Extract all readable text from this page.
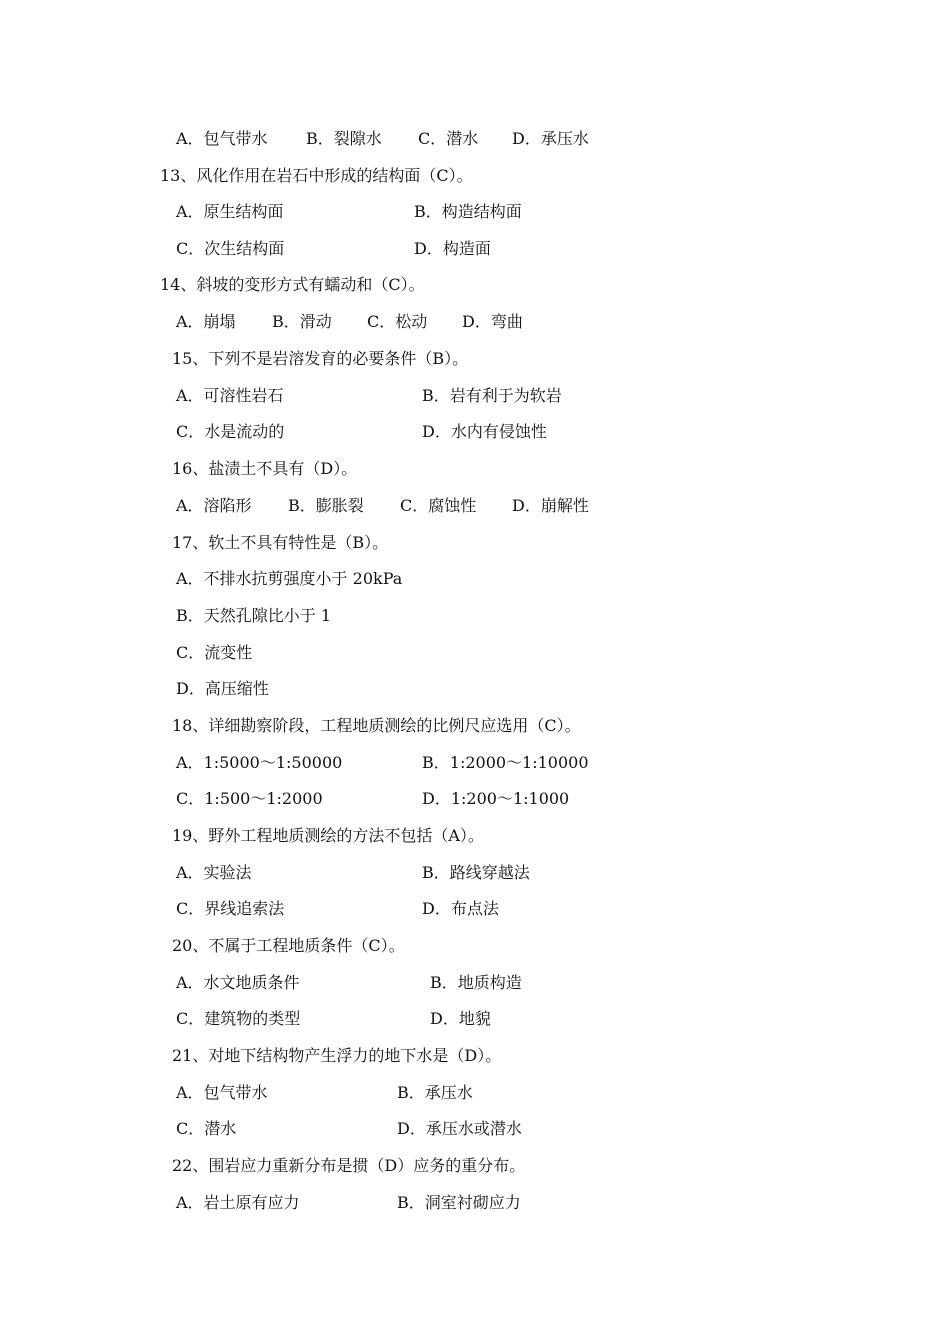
A．包气带水 B．裂隙水 C．潜水 D．承压水
13、风化作用在岩石中形成的结构面（C）。
A．原生结构面	B．构造结构面
C．次生结构面	D．构造面
14、斜坡的变形方式有蠕动和（C）。
A．崩塌 B．滑动 C．松动 D．弯曲
15、下列不是岩溶发育的必要条件（B）。
A．可溶性岩石	B．岩有利于为软岩
C．水是流动的	D．水内有侵蚀性
16、盐渍土不具有（D）。
A．溶陷形 B．膨胀裂 C．腐蚀性 D．崩解性
17、软土不具有特性是（B）。
A．不排水抗剪强度小于 20kPa
B．天然孔隙比小于 1
C．流变性
D．高压缩性
18、详细勘察阶段，工程地质测绘的比例尺应选用（C）。
A．1:5000～1:50000	B．1:2000～1:10000
C．1:500～1:2000	D．1:200～1:1000
19、野外工程地质测绘的方法不包括（A）。
A．实验法	B．路线穿越法
C．界线追索法	D．布点法
20、不属于工程地质条件（C）。
A．水文地质条件	B．地质构造
C．建筑物的类型	D．地貌
21、对地下结构物产生浮力的地下水是（D）。
A．包气带水	B．承压水
C．潜水	D．承压水或潜水
22、围岩应力重新分布是掼（D）应务的重分布。
A．岩土原有应力	B．洞室衬砌应力
